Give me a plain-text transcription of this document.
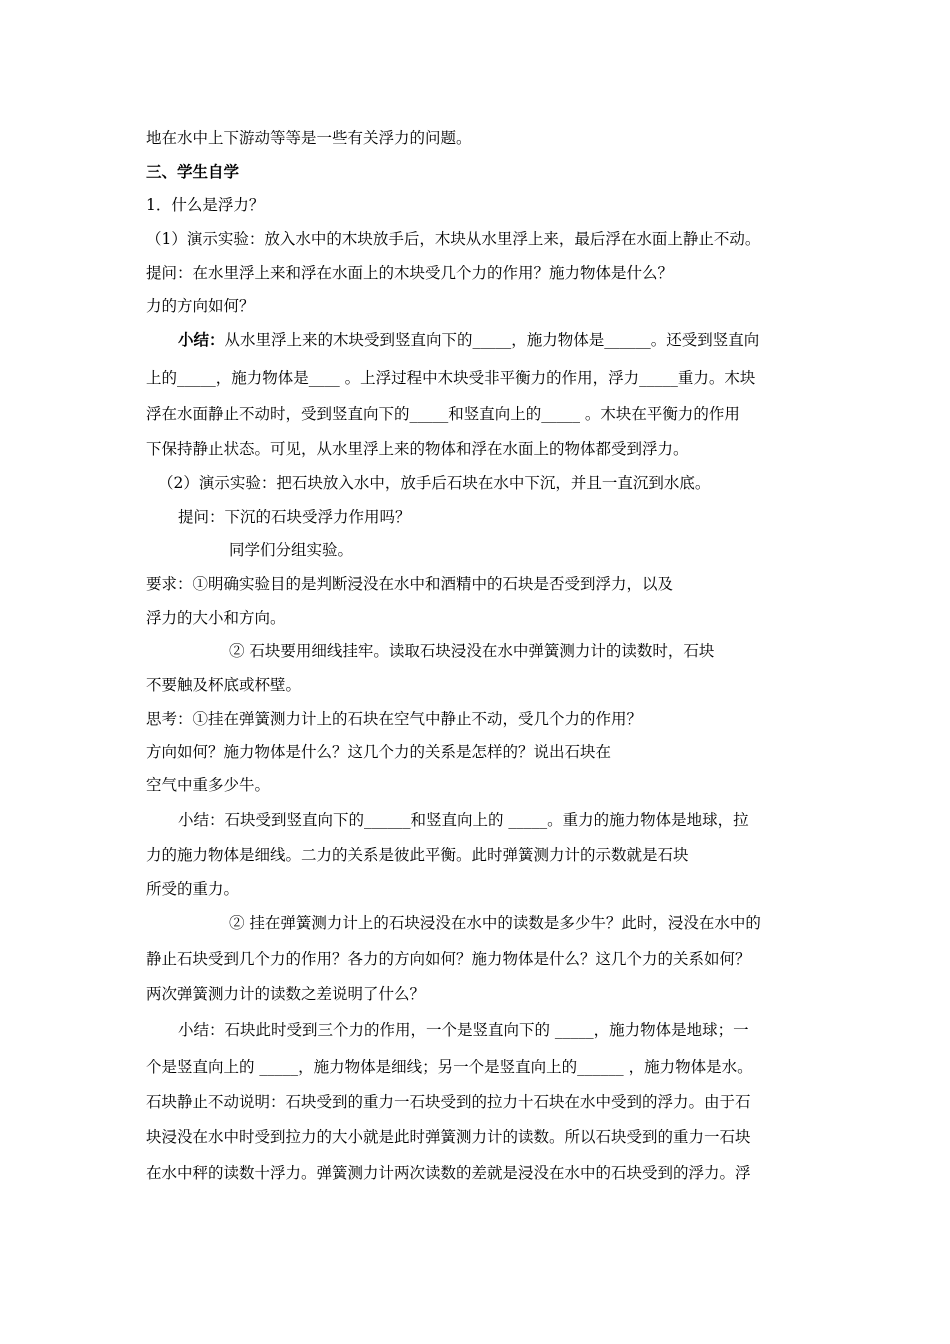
地在水中上下游动等等是一些有关浮力的问题。
三、学生自学
1．什么是浮力？
（1）演示实验：放入水中的木块放手后，木块从水里浮上来，最后浮在水面上静止不动。
提问：在水里浮上来和浮在水面上的木块受几个力的作用？施力物体是什么？
力的方向如何？
小结：从水里浮上来的木块受到竖直向下的_____，施力物体是______。还受到竖直向
上的_____，施力物体是____ 。上浮过程中木块受非平衡力的作用，浮力_____重力。木块
浮在水面静止不动时，受到竖直向下的_____和竖直向上的_____ 。木块在平衡力的作用
下保持静止状态。可见，从水里浮上来的物体和浮在水面上的物体都受到浮力。
（2）演示实验：把石块放入水中，放手后石块在水中下沉，并且一直沉到水底。
提问：下沉的石块受浮力作用吗？
同学们分组实验。
要求：①明确实验目的是判断浸没在水中和酒精中的石块是否受到浮力，以及
浮力的大小和方向。
② 石块要用细线挂牢。读取石块浸没在水中弹簧测力计的读数时，石块
不要触及杯底或杯壁。
思考：①挂在弹簧测力计上的石块在空气中静止不动，受几个力的作用？
方向如何？施力物体是什么？这几个力的关系是怎样的？说出石块在
空气中重多少牛。
小结：石块受到竖直向下的______和竖直向上的 _____。重力的施力物体是地球，拉
力的施力物体是细线。二力的关系是彼此平衡。此时弹簧测力计的示数就是石块
所受的重力。
② 挂在弹簧测力计上的石块浸没在水中的读数是多少牛？此时，浸没在水中的
静止石块受到几个力的作用？各力的方向如何？施力物体是什么？这几个力的关系如何？
两次弹簧测力计的读数之差说明了什么？
小结：石块此时受到三个力的作用，一个是竖直向下的 _____，施力物体是地球；一
个是竖直向上的 _____，施力物体是细线；另一个是竖直向上的______ ，施力物体是水。
石块静止不动说明：石块受到的重力一石块受到的拉力十石块在水中受到的浮力。由于石
块浸没在水中时受到拉力的大小就是此时弹簧测力计的读数。所以石块受到的重力一石块
在水中秤的读数十浮力。弹簧测力计两次读数的差就是浸没在水中的石块受到的浮力。浮
